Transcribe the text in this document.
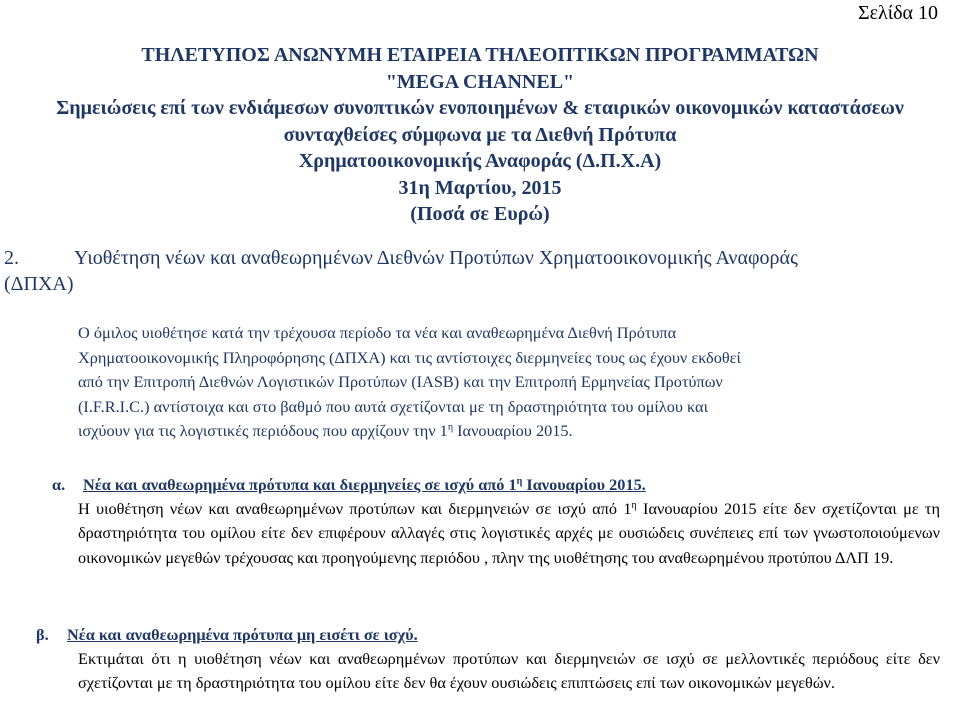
Σελίδα 10
ΤΗΛΕΤΥΠΟΣ ΑΝΩΝΥΜΗ ΕΤΑΙΡΕΙΑ ΤΗΛΕΟΠΤΙΚΩΝ ΠΡΟΓΡΑΜΜΑΤΩΝ
"MEGA CHANNEL"
Σημειώσεις επί των ενδιάμεσων συνοπτικών ενοποιημένων & εταιρικών οικονομικών καταστάσεων
συνταχθείσες σύμφωνα με τα Διεθνή Πρότυπα
Χρηματοοικονομικής Αναφοράς (Δ.Π.Χ.Α)
31η Μαρτίου, 2015
(Ποσά σε Ευρώ)
2.	Υιοθέτηση νέων και αναθεωρημένων Διεθνών Προτύπων Χρηματοοικονομικής Αναφοράς
(ΔΠΧΑ)
Ο όμιλος υιοθέτησε κατά την τρέχουσα περίοδο τα νέα και αναθεωρημένα Διεθνή Πρότυπα
Χρηματοοικονομικής Πληροφόρησης (ΔΠΧΑ) και τις αντίστοιχες διερμηνείες τους ως έχουν εκδοθεί
από την Επιτροπή Διεθνών Λογιστικών Προτύπων (IASB) και την Επιτροπή Ερμηνείας Προτύπων
(I.F.R.I.C.) αντίστοιχα και στο βαθμό που αυτά σχετίζονται με τη δραστηριότητα του ομίλου και
ισχύουν για τις λογιστικές περιόδους που αρχίζουν την $1^\eta$ Ιανουαρίου 2015.
α. Νέα και αναθεωρημένα πρότυπα και διερμηνείες σε ισχύ από $1^\eta$ Ιανουαρίου 2015.
Η υιοθέτηση νέων και αναθεωρημένων προτύπων και διερμηνειών σε ισχύ από $1^\eta$ Ιανουαρίου 2015 είτε δεν σχετίζονται με τη δραστηριότητα του ομίλου είτε δεν επιφέρουν αλλαγές στις λογιστικές αρχές με ουσιώδεις συνέπειες επί των γνωστοποιούμενων οικονομικών μεγεθών τρέχουσας και προηγούμενης περιόδου , πλην της υιοθέτησης του αναθεωρημένου προτύπου ΔΛΠ 19.
β. Νέα και αναθεωρημένα πρότυπα μη εισέτι σε ισχύ.
Εκτιμάται ότι η υιοθέτηση νέων και αναθεωρημένων προτύπων και διερμηνειών σε ισχύ σε μελλοντικές περιόδους είτε δεν σχετίζονται με τη δραστηριότητα του ομίλου είτε δεν θα έχουν ουσιώδεις επιπτώσεις επί των οικονομικών μεγεθών.
